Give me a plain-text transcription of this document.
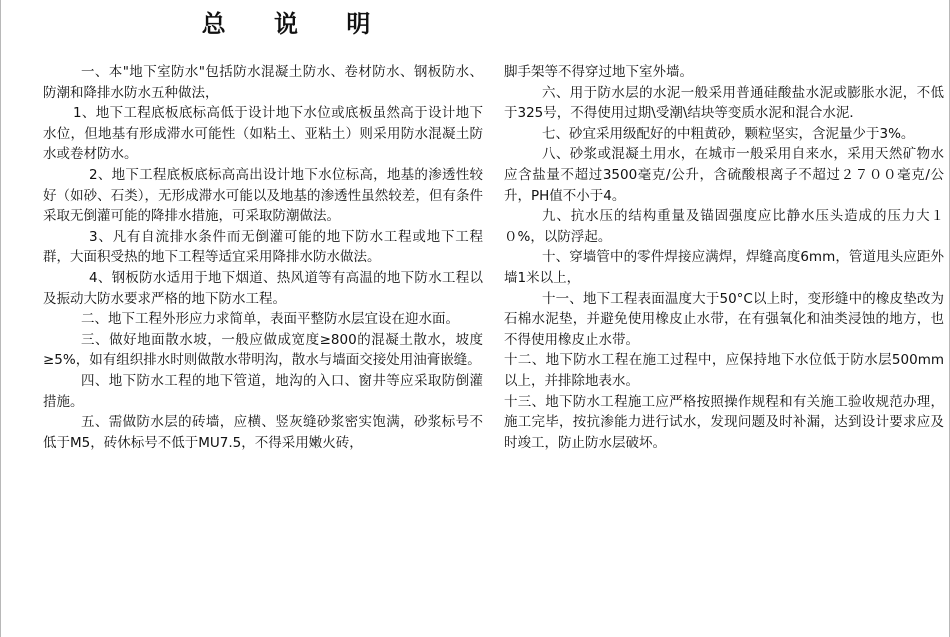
总 说 明

一、本"地下室防水"包括防水混凝土防水、卷材防水、钢板防水、防潮和降排水防水五种做法，

1、地下工程底板底标高低于设计地下水位或底板虽然高于设计地下水位，但地基有形成滞水可能性（如粘土、亚粘土）则采用防水混凝土防水或卷材防水。

2、地下工程底板底标高高出设计地下水位标高，地基的渗透性较好（如砂、石类），无形成滞水可能以及地基的渗透性虽然较差，但有条件采取无倒灌可能的降排水措施，可采取防潮做法。

3、凡有自流排水条件而无倒灌可能的地下防水工程或地下工程群，大面积受热的地下工程等适宜采用降排水防水做法。

4、钢板防水适用于地下烟道、热风道等有高温的地下防水工程以及振动大防水要求严格的地下防水工程。

二、地下工程外形应力求简单，表面平整防水层宜设在迎水面。

三、做好地面散水坡，一般应做成宽度≥800的混凝土散水，坡度≥5%，如有组织排水时则做散水带明沟，散水与墙面交接处用油膏嵌缝。

四、地下防水工程的地下管道，地沟的入口、窗井等应采取防倒灌措施。

五、需做防水层的砖墙，应横、竖灰缝砂浆密实饱满，砂浆标号不低于M5，砖休标号不低于MU7.5，不得采用嫩火砖，

脚手架等不得穿过地下室外墙。

六、用于防水层的水泥一般采用普通硅酸盐水泥或膨胀水泥，不低于325号，不得使用过期\受潮\结块等变质水泥和混合水泥．

七、砂宜采用级配好的中粗黄砂，颗粒坚实，含泥量少于3%。

八、砂浆或混凝土用水，在城市一般采用自来水，采用天然矿物水应含盐量不超过3500毫克/公升，含硫酸根离子不超过２７００毫克/公升，PH值不小于4。

九、抗水压的结构重量及锚固强度应比静水压头造成的压力大１０%，以防浮起。

十、穿墙管中的零件焊接应满焊，焊缝高度6mm，管道甩头应距外墙1米以上，

十一、地下工程表面温度大于50°C以上时，变形缝中的橡皮垫改为石棉水泥垫，并避免使用橡皮止水带，在有强氧化和油类浸蚀的地方，也不得使用橡皮止水带。

十二、地下防水工程在施工过程中，应保持地下水位低于防水层500mm以上，并排除地表水。

十三、地下防水工程施工应严格按照操作规程和有关施工验收规范办理，施工完毕，按抗渗能力进行试水，发现问题及时补漏，达到设计要求应及时竣工，防止防水层破坏。
